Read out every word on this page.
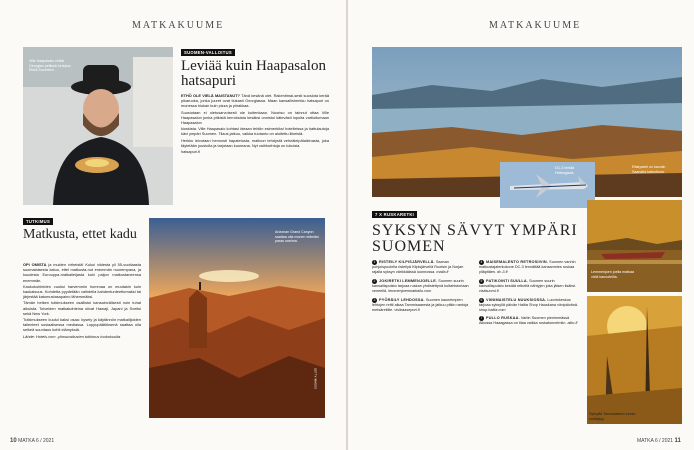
MATKAKUUME
Ville Haapasalo vetää Georgian pellissä herkkua Etelä-Suomeen.
SUOMEN-VALLOITUS
Leviää kuin Haapasalon hatsapuri
ETHÖ OLE VIELÄ MAISTANUT? Tänä kesänä olet. Rakentimai-sesti suosiota kerää pikaruoka, jonka juuret ovat tiukasti Georgiassa. Maan kansallisherkku hatsapuri on monessa hiukan kuin pizza ja piirakkaa.
Suosiotaan ei oletusarvoisesti ole kuitenkaan. Nuoriso on tainnut ottaa Ville Haapasalon jonka pitkistä kerroksista kesäksi onnistui kätevästi lopulta vartioitumaan Haapasalon
kioskista. Ville Haapasalo kohtasi ideaan tehtiin esimerkiksi hotelleissa ja hattulautoja kävi ympäri Suomen. Tilaus jatkuu, vaikka tuotanto on aloitettu liikeistä.
Herkku leivotaan hennosti hapatetusta, maitoon tehdystä vehnäleipätaikinasta, joka täytetään juustolla ja tarjotaan kuumana. Nyt vaihtoehtoja on lukuisia.
hatsapuri.fi
TUTKIMUS
Matkusta, ettet kadu
OPI OMISTA ja muiden virheistä! Kukoi viidesta yli 55-vuotiaasta suomalaisesta katuu, ettei matkusta-nut enemmän nuorempana, ja kuudesta Eurooppa-matkaileijasta koki paljon matkustaneensa enemmän.
Kaukokohteiden vuoksi harvemmin hommaa on muutakin kuin kaukaisuus. Kohdetta pyydetään vaihdella kahdentunteettomaksi tai järjestää katumustasapaino lähemmäksi.
Tämän hetken tutkimukseen osallistui kansainvälisesti noin tuhat aikuista. Toiveiden matkakohteina olivat Hawaji, Japani ja Sveitsi sekä New York.
Tutkimukseen kuului kaksi osaa: kysely ja käytännön matkailijoiden tallenteet sosiaalisessa mediassa. Loppupäätöksenä saattaa olla selkeä suuntaus kohti elämyksiä.
Lähde: Hotels.com -yönsuositusten tutkimus toukokuulta
Arizonan Grand Canyon saattaa olla monen elämäsi paras unelma.
GETTY IMAGES
10 MATKA 6 / 2021
MATKAKUUME
Räsiyartel on kauniin Saanalta katsottuna.
DC-3 lentää Helsingissä.
Lemmenjoen joella matkaa vielä kanooteilla.
Syksyllä Tammisaaren luonto esittäytyy.
7 X RUSKARETKI
SYKSYN SÄVYT YMPÄRI SUOMEN
1 RISTEILY KILPISJÄRVELLÄ. Saanan pohjoispuolella risteilyä Kilpisjärvellä Ruotsin ja Norjan rajalla syksyn värikkäässä luonnossa. malla.fi
2 JOKIRETKI LEMMENJOELLE. Suomen suurin kansallispuisto tarjoaa ruskan yhdistettynä kultahistoriaan veneellä. lemmenjoenmatkailu.com
3 PYÖRÄILY LEHDOSSA. Suomen kauneimpien lehtojen reitti alkaa Tammisaaresta ja jatkuu pitkin rantoja metsäreitille. visitraasepori.fi
4 MAISEMALENTO RETROSIIVIN. Suomen vanhin matkustajalentokone DC-3 lennättää kansanmies ruskaa ylläpitäen. dc-3.fi
5 PATIKOINTI SUULLA. Suomen suurin kansallispuisto kestää retkellä nähtyjen joka jäisen lisäksi. visitsuomi.fi
6 VIINIMAISTELU NUUKSIOSSA. Luontokeskus tarjoaa syksyllä päivän Haltia Shop Hauskana viinipäivänä. shop.haltia.com
7 PULLO RUSKAA. Vartin Suomen pienimmässä Alkossa Haaagassa on tilaa vaikka ruskatunnelmiin. alko.fi
MATKA 6 / 2021 11
